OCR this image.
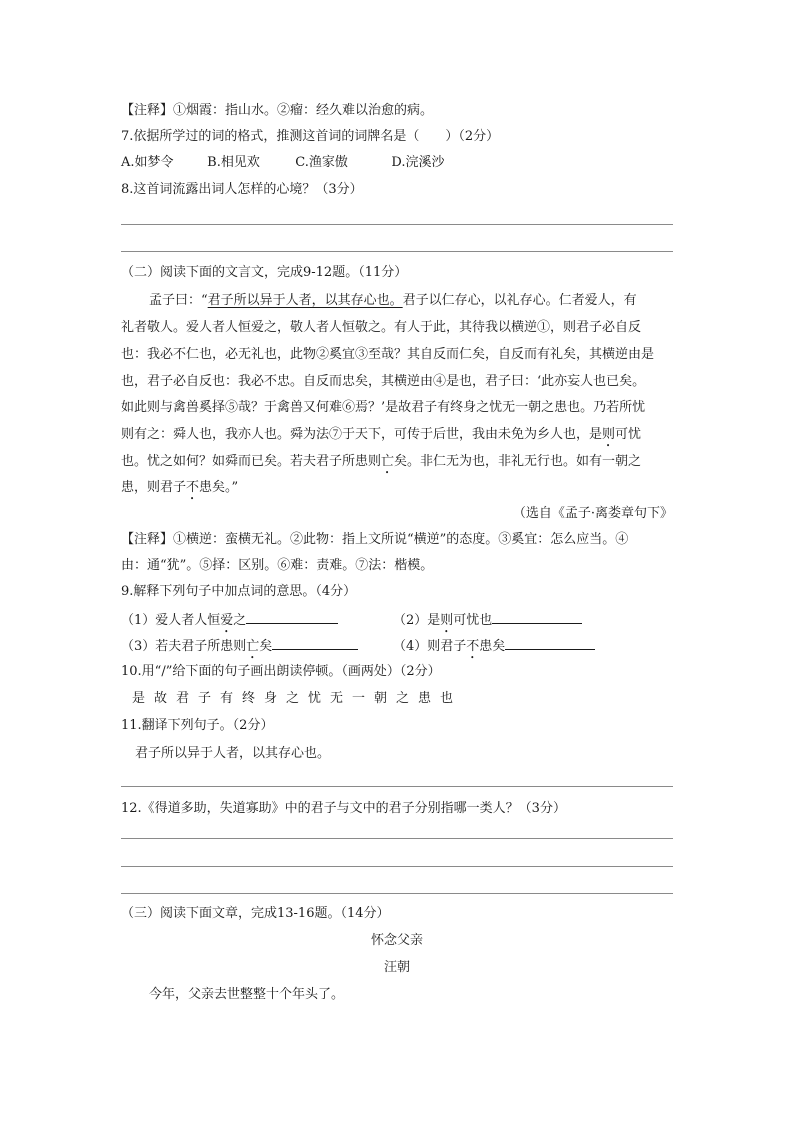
【注释】①烟霞：指山水。②瘤：经久难以治愈的病。
7.依据所学过的词的格式，推测这首词的词牌名是（　　）（2分）
A.如梦令	B.相见欢	C.渔家傲	D.浣溪沙
8.这首词流露出词人怎样的心境？（3分）
（二）阅读下面的文言文，完成9-12题。（11分）
孟子曰：“君子所以异于人者，以其存心也。君子以仁存心，以礼存心。仁者爱人，有
礼者敬人。爱人者人恒爱之，敬人者人恒敬之。有人于此，其待我以横逆①，则君子必自反
也：我必不仁也，必无礼也，此物②奚宜③至哉？其自反而仁矣，自反而有礼矣，其横逆由是
也，君子必自反也：我必不忠。自反而忠矣，其横逆由④是也，君子曰：‘此亦妄人也已矣。
如此则与禽兽奚择⑤哉？于禽兽又何难⑥焉？’是故君子有终身之忧无一朝之患也。乃若所忧
则有之：舜人也，我亦人也。舜为法⑦于天下，可传于后世，我由未免为乡人也，是则可忧
也。忧之如何？如舜而已矣。若夫君子所患则亡矣。非仁无为也，非礼无行也。如有一朝之
患，则君子不患矣。”
（选自《孟子·离娄章句下》
【注释】①横逆：蛮横无礼。②此物：指上文所说“横逆”的态度。③奚宜：怎么应当。④
由：通“犹”。⑤择：区别。⑥难：责难。⑦法：楷模。
9.解释下列句子中加点词的意思。（4分）
（1）爱人者人恒爱之	（2）是则可忧也
（3）若夫君子所患则亡矣	（4）则君子不患矣
10.用“/”给下面的句子画出朗读停顿。（画两处）（2分）
是故君子有终身之忧无一朝之患也
11.翻译下列句子。（2分）
君子所以异于人者，以其存心也。
12.《得道多助，失道寡助》中的君子与文中的君子分别指哪一类人？（3分）
（三）阅读下面文章，完成13-16题。（14分）
怀念父亲
汪朝
今年，父亲去世整整十个年头了。
